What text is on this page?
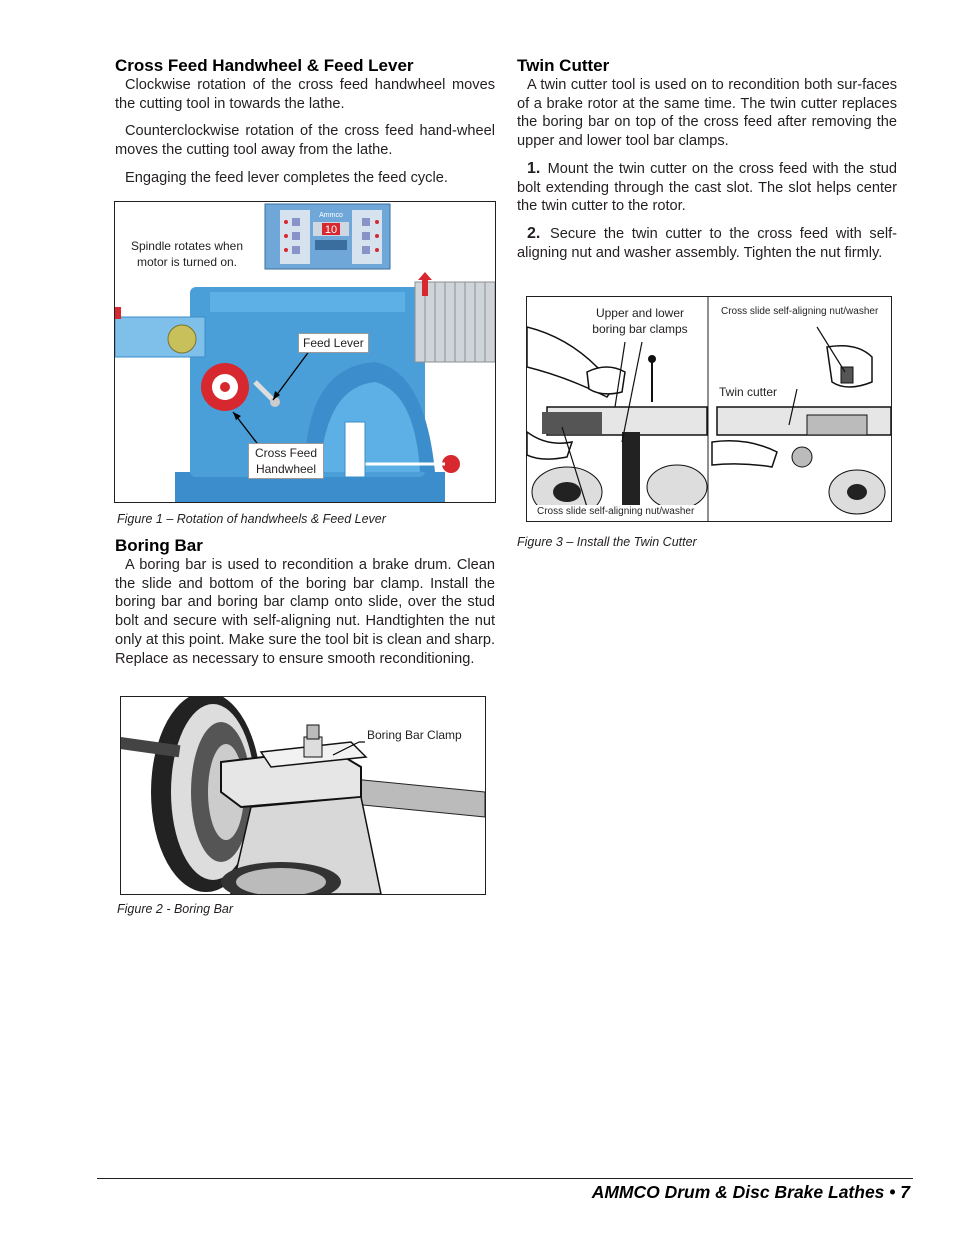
Cross Feed Handwheel & Feed Lever

Clockwise rotation of the cross feed handwheel moves the cutting tool in towards the lathe.

Counterclockwise rotation of the cross feed hand-wheel moves the cutting tool away from the lathe.

Engaging the feed lever completes the feed cycle.

10
Ammco
Spindle rotates when motor is turned on.
Feed Lever
Cross Feed Handwheel
Figure 1 – Rotation of handwheels & Feed Lever
Boring Bar

A boring bar is used to recondition a brake drum. Clean the slide and bottom of the boring bar clamp. Install the boring bar and boring bar clamp onto slide, over the stud bolt and secure with self-aligning nut. Handtighten the nut only at this point. Make sure the tool bit is clean and sharp. Replace as necessary to ensure smooth reconditioning.

Boring Bar Clamp
Figure 2 - Boring Bar
Twin Cutter

A twin cutter tool is used on to recondition both sur-faces of a brake rotor at the same time. The twin cutter replaces the boring bar on top of the cross feed after removing the upper and lower tool bar clamps.

1. Mount the twin cutter on the cross feed with the stud bolt extending through the cast slot. The slot helps center the twin cutter to the rotor.

2. Secure the twin cutter to the cross feed with self-aligning nut and washer assembly. Tighten the nut firmly.

Upper and lower boring bar clamps
Cross slide self-aligning nut/washer
Cross slide self-aligning nut/washer
Twin cutter
Figure 3 – Install the Twin Cutter
AMMCO Drum & Disc Brake Lathes • 7
